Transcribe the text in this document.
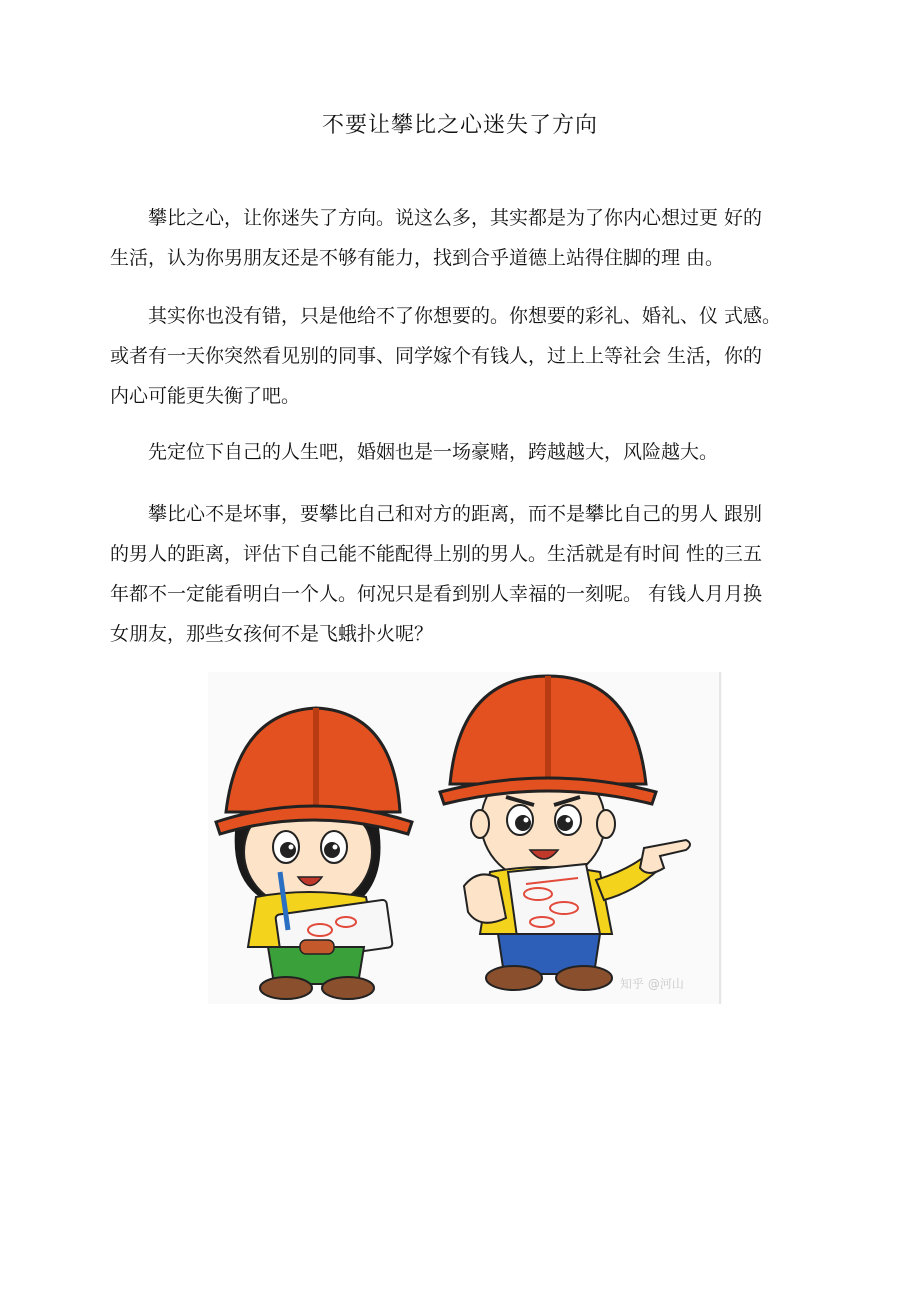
不要让攀比之心迷失了方向

　　攀比之心，让你迷失了方向。说这么多，其实都是为了你内心想过更 好的
生活，认为你男朋友还是不够有能力，找到合乎道德上站得住脚的理 由。

　　其实你也没有错，只是他给不了你想要的。你想要的彩礼、婚礼、仪 式感。
或者有一天你突然看见别的同事、同学嫁个有钱人，过上上等社会 生活，你的
内心可能更失衡了吧。

　　先定位下自己的人生吧，婚姻也是一场豪赌，跨越越大，风险越大。

　　攀比心不是坏事，要攀比自己和对方的距离，而不是攀比自己的男人 跟别
的男人的距离，评估下自己能不能配得上别的男人。生活就是有时间 性的三五
年都不一定能看明白一个人。何况只是看到别人幸福的一刻呢。 有钱人月月换
女朋友，那些女孩何不是飞蛾扑火呢？

知乎 @河山
